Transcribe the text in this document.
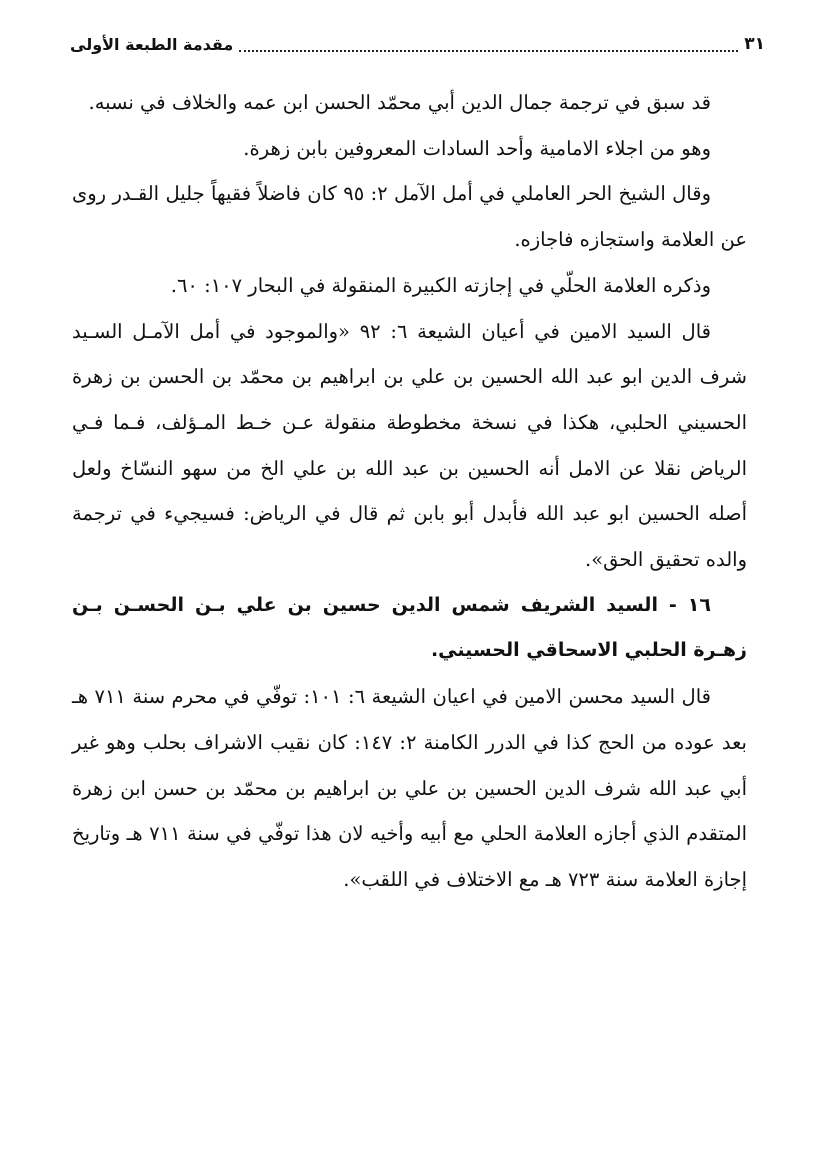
مقدمة الطبعة الأولى	٣١

قد سبق في ترجمة جمال الدين أبي محمّد الحسن ابن عمه والخلاف في نسبه.

وهو من اجلاء الامامية وأحد السادات المعروفين بابن زهرة.

وقال الشيخ الحر العاملي في أمل الآمل ٢: ٩٥ كان فاضلاً فقيهاً جليل القـدر روى عن العلامة واستجازه فاجازه.

وذكره العلامة الحلّي في إجازته الكبيرة المنقولة في البحار ١٠٧: ٦٠.

قال السيد الامين في أعيان الشيعة ٦: ٩٢ «والموجود في أمل الآمـل السـيد شرف الدين ابو عبد الله الحسين بن علي بن ابراهيم بن محمّد بن الحسن بن زهرة الحسيني الحلبي، هكذا في نسخة مخطوطة منقولة عـن خـط المـؤلف، فـما فـي الرياض نقلا عن الامل أنه الحسين بن عبد الله بن علي الخ من سهو النسّاخ ولعل أصله الحسين ابو عبد الله فأبدل أبو بابن ثم قال في الرياض: فسيجيء في ترجمة والده تحقيق الحق».

١٦ - السيد الشريف شمس الدين حسين بن علي بـن الحسـن بـن زهـرة الحلبي الاسحاقي الحسيني.

قال السيد محسن الامين في اعيان الشيعة ٦: ١٠١: توفّي في محرم سنة ٧١١ هـ بعد عوده من الحج كذا في الدرر الكامنة ٢: ١٤٧: كان نقيب الاشراف بحلب وهو غير أبي عبد الله شرف الدين الحسين بن علي بن ابراهيم بن محمّد بن حسن ابن زهرة المتقدم الذي أجازه العلامة الحلي مع أبيه وأخيه لان هذا توفّي في سنة ٧١١ هـ وتاريخ إجازة العلامة سنة ٧٢٣ هـ مع الاختلاف في اللقب».
